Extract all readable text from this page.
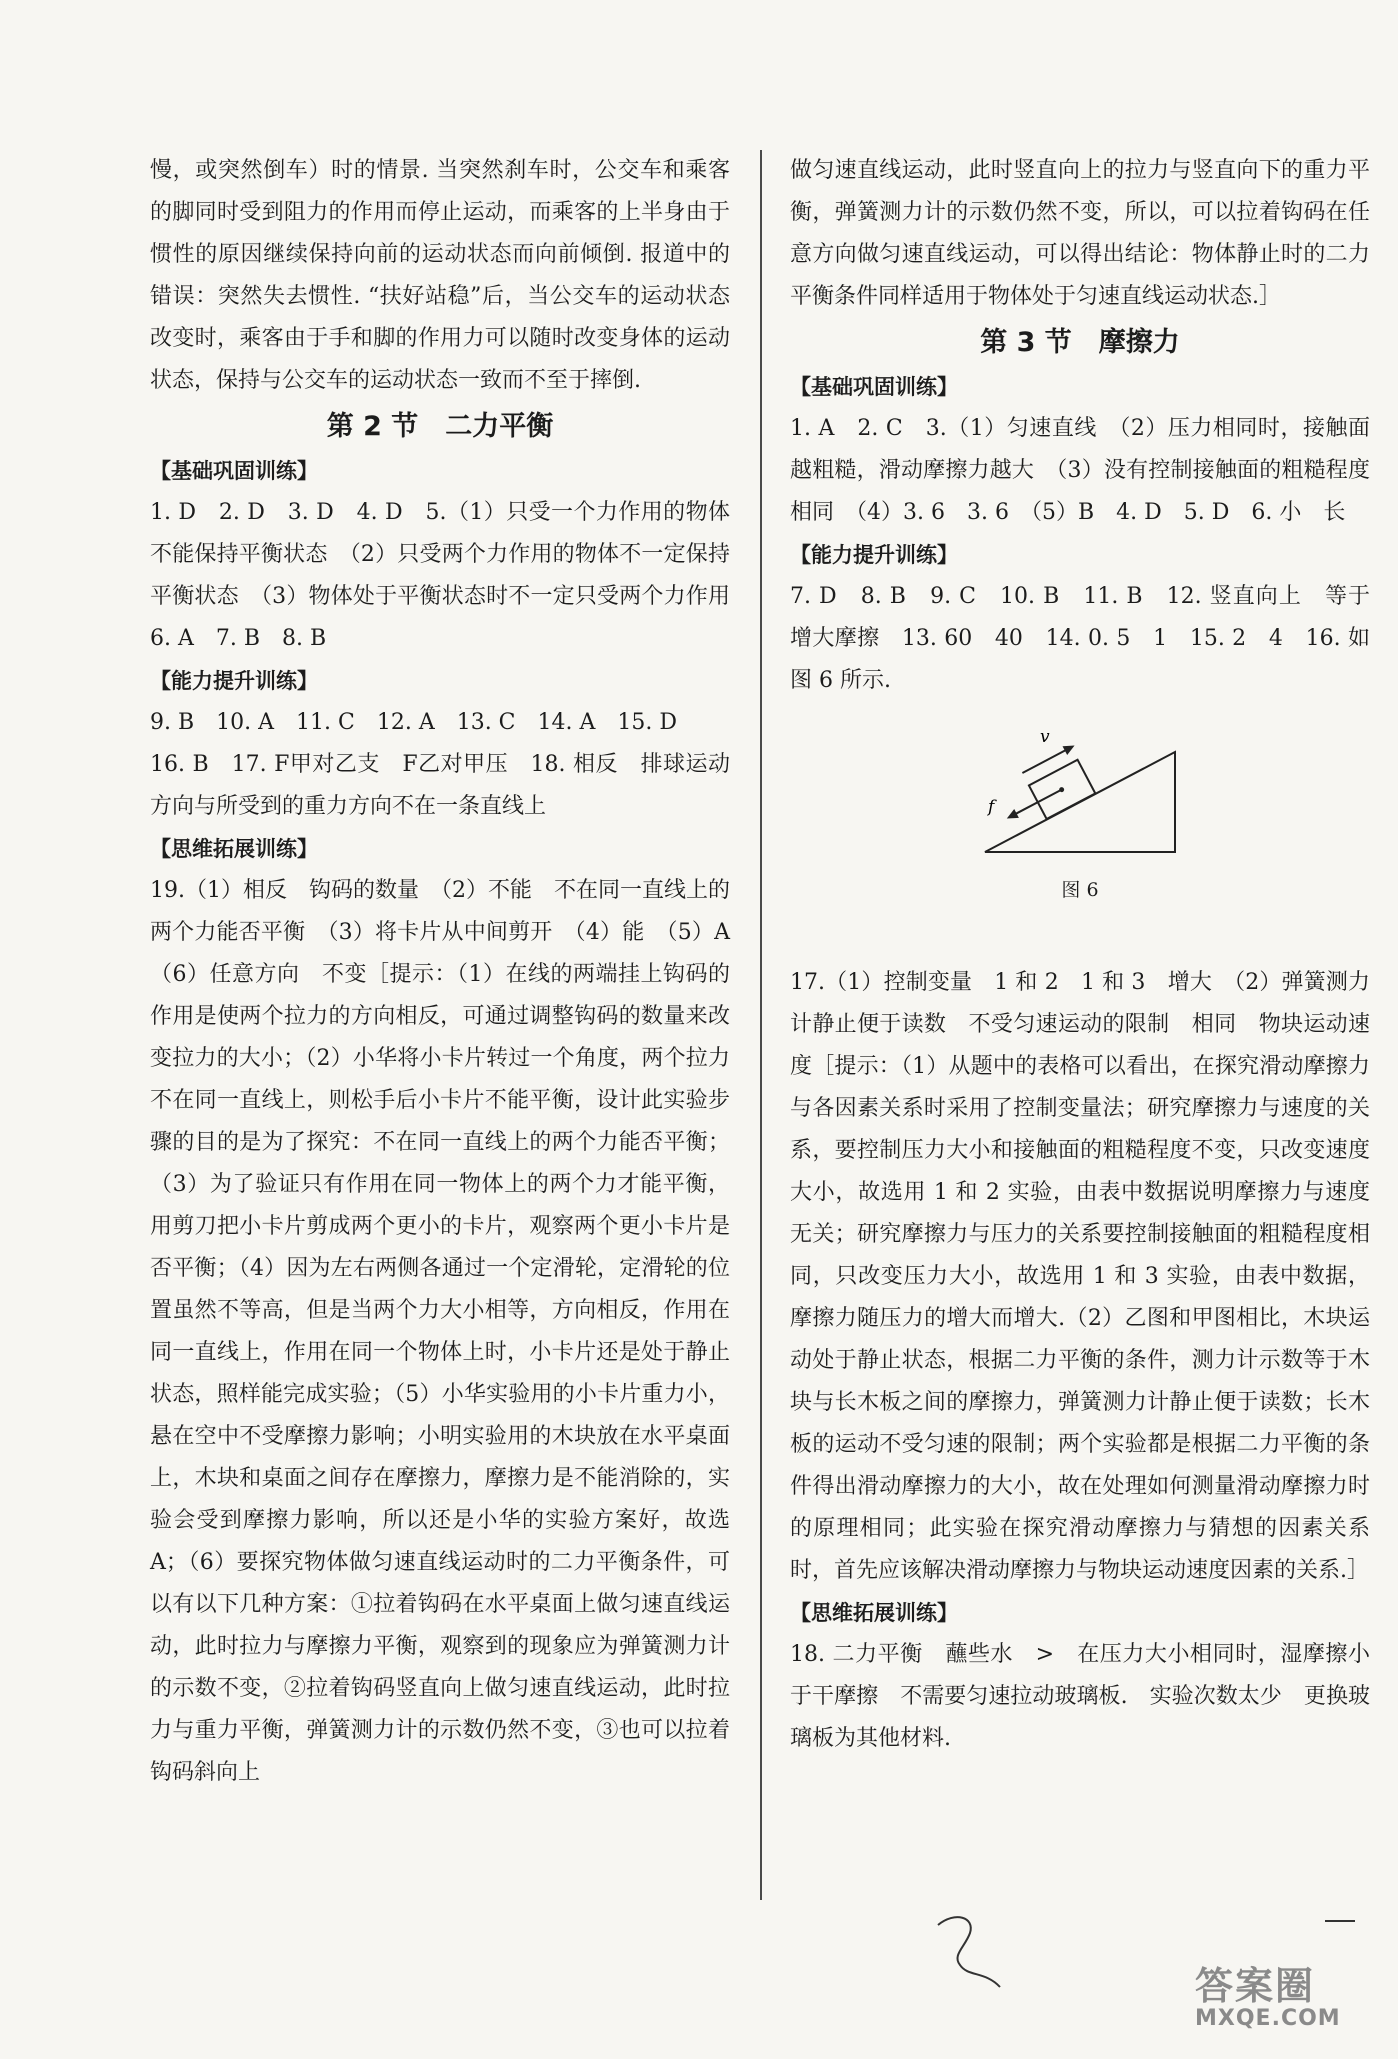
慢，或突然倒车）时的情景. 当突然刹车时，公交车和乘客的脚同时受到阻力的作用而停止运动，而乘客的上半身由于惯性的原因继续保持向前的运动状态而向前倾倒. 报道中的错误：突然失去惯性. “扶好站稳”后，当公交车的运动状态改变时，乘客由于手和脚的作用力可以随时改变身体的运动状态，保持与公交车的运动状态一致而不至于摔倒.

第 2 节　二力平衡
【基础巩固训练】

1. D　2. D　3. D　4. D　5.（1）只受一个力作用的物体不能保持平衡状态　（2）只受两个力作用的物体不一定保持平衡状态　（3）物体处于平衡状态时不一定只受两个力作用　6. A　7. B　8. B

【能力提升训练】

9. B　10. A　11. C　12. A　13. C　14. A　15. D

16. B　17. F甲对乙支　F乙对甲压　18. 相反　排球运动方向与所受到的重力方向不在一条直线上

【思维拓展训练】

19.（1）相反　钩码的数量　（2）不能　不在同一直线上的两个力能否平衡　（3）将卡片从中间剪开　（4）能　（5）A　（6）任意方向　不变［提示：（1）在线的两端挂上钩码的作用是使两个拉力的方向相反，可通过调整钩码的数量来改变拉力的大小；（2）小华将小卡片转过一个角度，两个拉力不在同一直线上，则松手后小卡片不能平衡，设计此实验步骤的目的是为了探究：不在同一直线上的两个力能否平衡；（3）为了验证只有作用在同一物体上的两个力才能平衡，用剪刀把小卡片剪成两个更小的卡片，观察两个更小卡片是否平衡；（4）因为左右两侧各通过一个定滑轮，定滑轮的位置虽然不等高，但是当两个力大小相等，方向相反，作用在同一直线上，作用在同一个物体上时，小卡片还是处于静止状态，照样能完成实验；（5）小华实验用的小卡片重力小，悬在空中不受摩擦力影响；小明实验用的木块放在水平桌面上，木块和桌面之间存在摩擦力，摩擦力是不能消除的，实验会受到摩擦力影响，所以还是小华的实验方案好，故选 A；（6）要探究物体做匀速直线运动时的二力平衡条件，可以有以下几种方案：①拉着钩码在水平桌面上做匀速直线运动，此时拉力与摩擦力平衡，观察到的现象应为弹簧测力计的示数不变，②拉着钩码竖直向上做匀速直线运动，此时拉力与重力平衡，弹簧测力计的示数仍然不变，③也可以拉着钩码斜向上

做匀速直线运动，此时竖直向上的拉力与竖直向下的重力平衡，弹簧测力计的示数仍然不变，所以，可以拉着钩码在任意方向做匀速直线运动，可以得出结论：物体静止时的二力平衡条件同样适用于物体处于匀速直线运动状态.］

第 3 节　摩擦力
【基础巩固训练】

1. A　2. C　3.（1）匀速直线　（2）压力相同时，接触面越粗糙，滑动摩擦力越大　（3）没有控制接触面的粗糙程度相同　（4）3. 6　3. 6　（5）B　4. D　5. D　6. 小　长

【能力提升训练】

7. D　8. B　9. C　10. B　11. B　12. 竖直向上　等于　增大摩擦　13. 60　40　14. 0. 5　1　15. 2　4　16. 如图 6 所示.

v
f
图 6

17.（1）控制变量　1 和 2　1 和 3　增大　（2）弹簧测力计静止便于读数　不受匀速运动的限制　相同　物块运动速度［提示：（1）从题中的表格可以看出，在探究滑动摩擦力与各因素关系时采用了控制变量法；研究摩擦力与速度的关系，要控制压力大小和接触面的粗糙程度不变，只改变速度大小，故选用 1 和 2 实验，由表中数据说明摩擦力与速度无关；研究摩擦力与压力的关系要控制接触面的粗糙程度相同，只改变压力大小，故选用 1 和 3 实验，由表中数据，摩擦力随压力的增大而增大.（2）乙图和甲图相比，木块运动处于静止状态，根据二力平衡的条件，测力计示数等于木块与长木板之间的摩擦力，弹簧测力计静止便于读数；长木板的运动不受匀速的限制；两个实验都是根据二力平衡的条件得出滑动摩擦力的大小，故在处理如何测量滑动摩擦力时的原理相同；此实验在探究滑动摩擦力与猜想的因素关系时，首先应该解决滑动摩擦力与物块运动速度因素的关系.］

【思维拓展训练】

18. 二力平衡　蘸些水　>　在压力大小相同时，湿摩擦小于干摩擦　不需要匀速拉动玻璃板.　实验次数太少　更换玻璃板为其他材料.

答案圈
MXQE.COM
